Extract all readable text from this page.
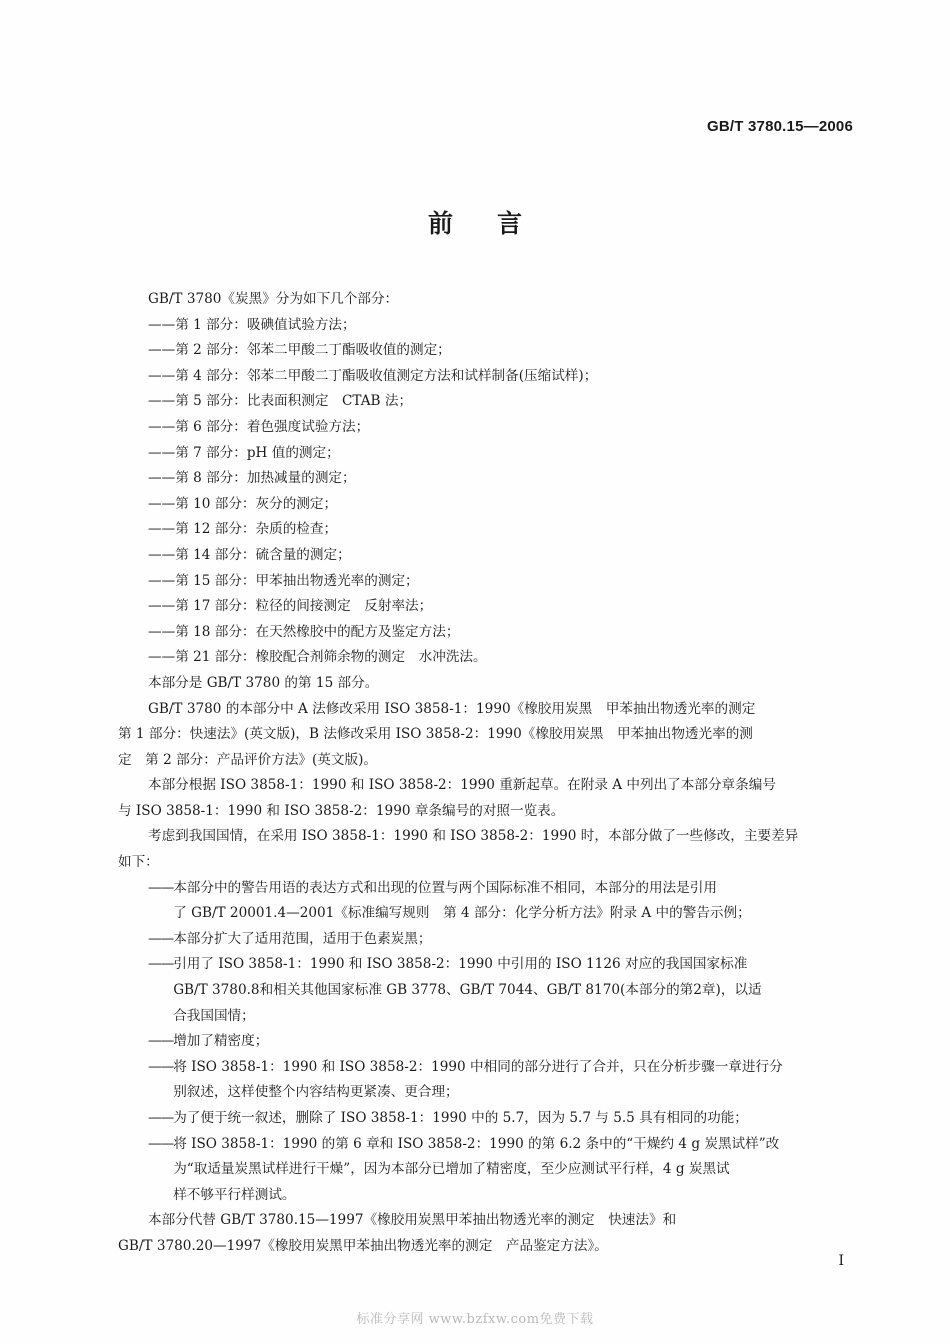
GB/T 3780.15—2006
前言
GB/T 3780《炭黑》分为如下几个部分：
——第 1 部分：吸碘值试验方法；
——第 2 部分：邻苯二甲酸二丁酯吸收值的测定；
——第 4 部分：邻苯二甲酸二丁酯吸收值测定方法和试样制备(压缩试样)；
——第 5 部分：比表面积测定　CTAB 法；
——第 6 部分：着色强度试验方法；
——第 7 部分：pH 值的测定；
——第 8 部分：加热减量的测定；
——第 10 部分：灰分的测定；
——第 12 部分：杂质的检查；
——第 14 部分：硫含量的测定；
——第 15 部分：甲苯抽出物透光率的测定；
——第 17 部分：粒径的间接测定　反射率法；
——第 18 部分：在天然橡胶中的配方及鉴定方法；
——第 21 部分：橡胶配合剂筛余物的测定　水冲洗法。
本部分是 GB/T 3780 的第 15 部分。
GB/T 3780 的本部分中 A 法修改采用 ISO 3858-1：1990《橡胶用炭黑　甲苯抽出物透光率的测定
第 1 部分：快速法》(英文版)，B 法修改采用 ISO 3858-2：1990《橡胶用炭黑　甲苯抽出物透光率的测
定　第 2 部分：产品评价方法》(英文版)。
本部分根据 ISO 3858-1：1990 和 ISO 3858-2：1990 重新起草。在附录 A 中列出了本部分章条编号
与 ISO 3858-1：1990 和 ISO 3858-2：1990 章条编号的对照一览表。
考虑到我国国情，在采用 ISO 3858-1：1990 和 ISO 3858-2：1990 时，本部分做了一些修改，主要差异
如下：
—— 本部分中的警告用语的表达方式和出现的位置与两个国际标准不相同，本部分的用法是引用
了 GB/T 20001.4—2001《标准编写规则　第 4 部分：化学分析方法》附录 A 中的警告示例；
—— 本部分扩大了适用范围，适用于色素炭黑；
—— 引用了 ISO 3858-1：1990 和 ISO 3858-2：1990 中引用的 ISO 1126 对应的我国国家标准
GB/T 3780.8和相关其他国家标准 GB 3778、GB/T 7044、GB/T 8170(本部分的第2章)，以适
合我国国情；
—— 增加了精密度；
—— 将 ISO 3858-1：1990 和 ISO 3858-2：1990 中相同的部分进行了合并，只在分析步骤一章进行分
别叙述，这样使整个内容结构更紧凑、更合理；
—— 为了便于统一叙述，删除了 ISO 3858-1：1990 中的 5.7，因为 5.7 与 5.5 具有相同的功能；
—— 将 ISO 3858-1：1990 的第 6 章和 ISO 3858-2：1990 的第 6.2 条中的“干燥约 4 g 炭黑试样”改
为“取适量炭黑试样进行干燥”，因为本部分已增加了精密度，至少应测试平行样，4 g 炭黑试
样不够平行样测试。
本部分代替 GB/T 3780.15—1997《橡胶用炭黑甲苯抽出物透光率的测定　快速法》和
GB/T 3780.20—1997《橡胶用炭黑甲苯抽出物透光率的测定　产品鉴定方法》。
I
标准分享网 www.bzfxw.com免费下载
